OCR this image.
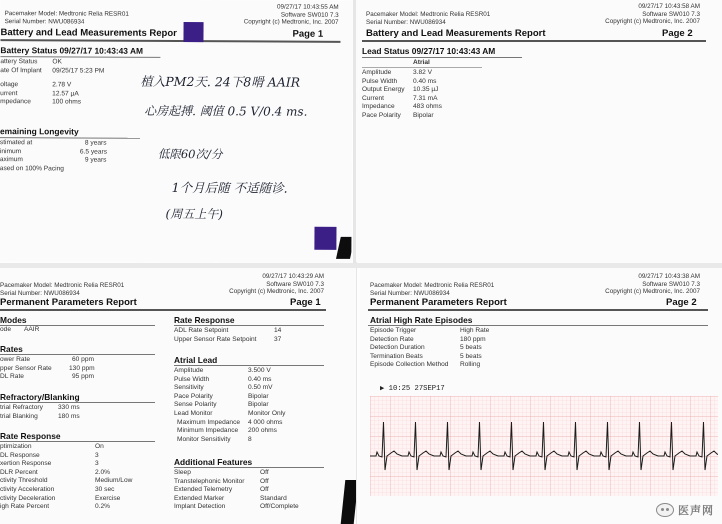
Pacemaker Model: Medtronic Relia RESR01
Serial Number: NWU086934
09/27/17 10:43:55 AM
Software SW010 7.3
Copyright (c) Medtronic, Inc. 2007
Battery and Lead Measurements Repor	Page 1
Battery Status 09/27/17 10:43:43 AM
attery Status	OK
ate Of Implant	09/25/17 5:23 PM
oltage	2.78 V
urrent	12.57 µA
mpedance	100 ohms
emaining Longevity
stimated at	8 years
inimum	6.5 years
aximum	9 years
ased on 100% Pacing
植入PM2天. 24下8嗗 AAIR
心房起搏. 阈值 0.5 V/0.4 ms.
低限60次/分
1个月后随 不适随诊.
(周五上午)
Pacemaker Model: Medtronic Relia RESR01
Serial Number: NWU086934
09/27/17 10:43:58 AM
Software SW010 7.3
Copyright (c) Medtronic, Inc. 2007
Battery and Lead Measurements Report	Page 2
Lead Status 09/27/17 10:43:43 AM
Atrial
Amplitude	3.82 V
Pulse Width	0.40 ms
Output Energy	10.35 µJ
Current	7.31 mA
Impedance	483 ohms
Pace Polarity	Bipolar
Pacemaker Model: Medtronic Relia RESR01
Serial Number: NWU086934
09/27/17 10:43:29 AM
Software SW010 7.3
Copyright (c) Medtronic, Inc. 2007
Permanent Parameters Report	Page 1
Modes
ode	AAIR
Rates
ower Rate	60 ppm
pper Sensor Rate	130 ppm
DL Rate	95 ppm
Refractory/Blanking
trial Refractory	330 ms
trial Blanking	180 ms
Rate Response
ptimization	On
DL Response	3
xertion Response	3
DLR Percent	2.0%
ctivity Threshold	Medium/Low
ctivity Acceleration	30 sec
ctivity Deceleration	Exercise
igh Rate Percent	0.2%
Rate Response
ADL Rate Setpoint	14
Upper Sensor Rate Setpoint	37
Atrial Lead
Amplitude	3.500 V
Pulse Width	0.40 ms
Sensitivity	0.50 mV
Pace Polarity	Bipolar
Sense Polarity	Bipolar
Lead Monitor	Monitor Only
Maximum Impedance	4 000 ohms
Minimum Impedance	200 ohms
Monitor Sensitivity	8
Additional Features
Sleep	Off
Transtelephonic Monitor	Off
Extended Telemetry	Off
Extended Marker	Standard
Implant Detection	Off/Complete
Pacemaker Model: Medtronic Relia RESR01
Serial Number: NWU086934
09/27/17 10:43:38 AM
Software SW010 7.3
Copyright (c) Medtronic, Inc. 2007
Permanent Parameters Report	Page 2
Atrial High Rate Episodes
Episode Trigger	High Rate
Detection Rate	180 ppm
Detection Duration	5 beats
Termination Beats	5 beats
Episode Collection Method	Rolling
▶ 10:25 27SEP17
医声网
